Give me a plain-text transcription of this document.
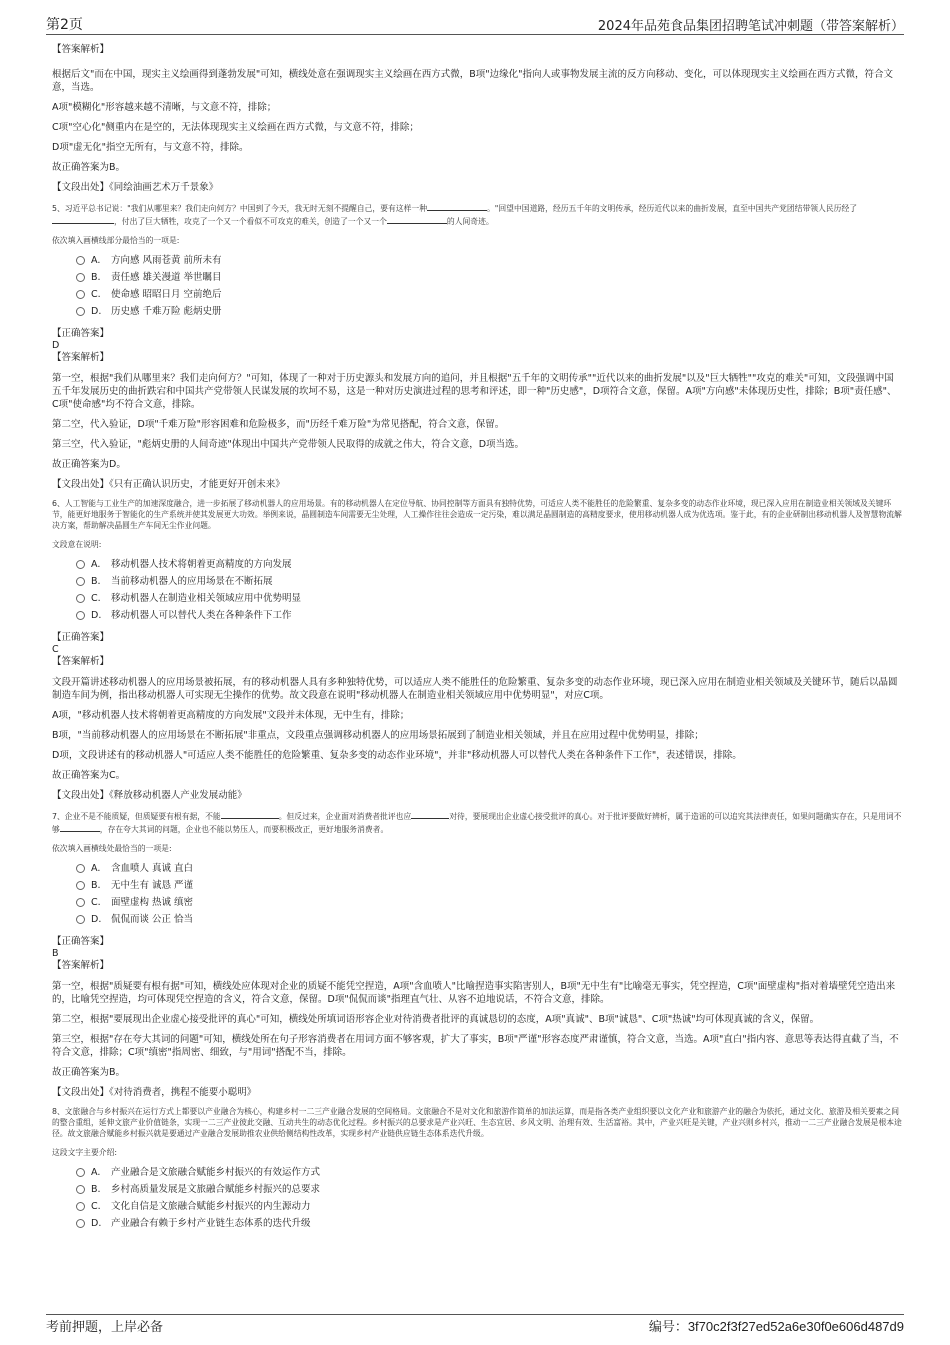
第2页	2024年品苑食品集团招聘笔试冲刺题（带答案解析）

【答案解析】

根据后文"而在中国，现实主义绘画得到蓬勃发展"可知，横线处意在强调现实主义绘画在西方式微，B项"边缘化"指向人或事物发展主流的反方向移动、变化，可以体现现实主义绘画在西方式微，符合文意，当选。

A项"模糊化"形容越来越不清晰，与文意不符，排除；

C项"空心化"侧重内在是空的，无法体现现实主义绘画在西方式微，与文意不符，排除；

D项"虚无化"指空无所有，与文意不符，排除。

故正确答案为B。

【文段出处】《同绘油画艺术万千景象》

5、习近平总书记说："我们从哪里来？我们走向何方？中国到了今天，我无时无刻不提醒自己，要有这样一种	。"回望中国道路，经历五千年的文明传承，经历近代以来的曲折发展，直至中国共产党团结带领人民历经了，付出了巨大牺牲，攻克了一个又一个看似不可攻克的难关，创造了一个又一个	的人间奇迹。

依次填入画横线部分最恰当的一项是:

A.	方向感 风雨苍黄 前所未有
B.	责任感 雄关漫道 举世瞩目
C.	使命感 昭昭日月 空前绝后
D.	历史感 千难万险 彪炳史册

【正确答案】

D

【答案解析】

第一空，根据"我们从哪里来？我们走向何方？"可知，体现了一种对于历史源头和发展方向的追问，并且根据"五千年的文明传承""近代以来的曲折发展"以及"巨大牺牲""攻克的难关"可知，文段强调中国五千年发展历史的曲折跌宕和中国共产党带领人民谋发展的坎坷不易，这是一种对历史演进过程的思考和评述，即一种"历史感"，D项符合文意，保留。A项"方向感"未体现历史性，排除；B项"责任感"、C项"使命感"均不符合文意，排除。

第二空，代入验证，D项"千难万险"形容困难和危险极多，而"历经千难万险"为常见搭配，符合文意，保留。

第三空，代入验证，"彪炳史册的人间奇迹"体现出中国共产党带领人民取得的成就之伟大，符合文意，D项当选。

故正确答案为D。

【文段出处】《只有正确认识历史，才能更好开创未来》

6、人工智能与工业生产的加速深度融合，进一步拓展了移动机器人的应用场景。有的移动机器人在定位导航、协同控制等方面具有独特优势，可适应人类不能胜任的危险繁重、复杂多变的动态作业环境，现已深入应用在制造业相关领域及关键环节，能更好地服务于智能化的生产系统并使其发展更大功效。举例来说，晶圆制造车间需要无尘处理，人工操作往往会造成一定污染，难以满足晶圆制造的高精度要求，使用移动机器人成为优选项。鉴于此，有的企业研制出移动机器人及智慧物流解决方案，帮助解决晶圆生产车间无尘作业问题。

文段意在说明:

A.	移动机器人技术将朝着更高精度的方向发展
B.	当前移动机器人的应用场景在不断拓展
C.	移动机器人在制造业相关领域应用中优势明显
D.	移动机器人可以替代人类在各种条件下工作

【正确答案】

C

【答案解析】

文段开篇讲述移动机器人的应用场景被拓展，有的移动机器人具有多种独特优势，可以适应人类不能胜任的危险繁重、复杂多变的动态作业环境，现已深入应用在制造业相关领域及关键环节，随后以晶圆制造车间为例，指出移动机器人可实现无尘操作的优势。故文段意在说明"移动机器人在制造业相关领域应用中优势明显"，对应C项。

A项，"移动机器人技术将朝着更高精度的方向发展"文段并未体现，无中生有，排除；

B项，"当前移动机器人的应用场景在不断拓展"非重点，文段重点强调移动机器人的应用场景拓展到了制造业相关领域，并且在应用过程中优势明显，排除；

D项，文段讲述有的移动机器人"可适应人类不能胜任的危险繁重、复杂多变的动态作业环境"，并非"移动机器人可以替代人类在各种条件下工作"，表述错误，排除。

故正确答案为C。

【文段出处】《释放移动机器人产业发展动能》

7、企业不是不能质疑，但质疑要有根有据，不能	。但反过来，企业面对消费者批评也应	对待，要展现出企业虚心接受批评的真心。对于批评要做好辨析，属于造谣的可以追究其法律责任，如果问题确实存在，只是用词不够	，存在夸大其词的问题，企业也不能以势压人，而要积极改正，更好地服务消费者。

依次填入画横线处最恰当的一项是:

A.	含血喷人 真诚 直白
B.	无中生有 诚恳 严谨
C.	面壁虚构 热诚 缜密
D.	侃侃而谈 公正 恰当

【正确答案】

B

【答案解析】

第一空，根据"质疑要有根有据"可知，横线处应体现对企业的质疑不能凭空捏造，A项"含血喷人"比喻捏造事实陷害别人，B项"无中生有"比喻毫无事实，凭空捏造，C项"面壁虚构"指对着墙壁凭空造出来的，比喻凭空捏造，均可体现凭空捏造的含义，符合文意，保留。D项"侃侃而谈"指理直气壮、从容不迫地说话，不符合文意，排除。

第二空，根据"要展现出企业虚心接受批评的真心"可知，横线处所填词语形容企业对待消费者批评的真诚恳切的态度，A项"真诚"、B项"诚恳"、C项"热诚"均可体现真诚的含义，保留。

第三空，根据"存在夸大其词的问题"可知，横线处所在句子形容消费者在用词方面不够客观，扩大了事实，B项"严谨"形容态度严肃谨慎，符合文意，当选。A项"直白"指内容、意思等表达得直截了当，不符合文意，排除；C项"缜密"指周密、细致，与"用词"搭配不当，排除。

故正确答案为B。

【文段出处】《对待消费者，携程不能要小聪明》

8、文旅融合与乡村振兴在运行方式上都要以产业融合为核心，构建乡村一二三产业融合发展的空间格局。文旅融合不是对文化和旅游作简单的加法运算，而是指各类产业组织要以文化产业和旅游产业的融合为依托，通过文化、旅游及相关要素之间的整合重组，延伸文旅产业价值链条，实现一二三产业彼此交融、互动共生的动态优化过程。乡村振兴的总要求是产业兴旺、生态宜居、乡风文明、治理有效、生活富裕。其中，产业兴旺是关键，产业兴则乡村兴，推动一二三产业融合发展是根本途径。故文旅融合赋能乡村振兴就是要通过产业融合发展助推农业供给侧结构性改革，实现乡村产业链供应链生态体系迭代升级。

这段文字主要介绍:

A.	产业融合是文旅融合赋能乡村振兴的有效运作方式
B.	乡村高质量发展是文旅融合赋能乡村振兴的总要求
C.	文化自信是文旅融合赋能乡村振兴的内生源动力
D.	产业融合有赖于乡村产业链生态体系的迭代升级
考前押题，上岸必备	编号：3f70c2f3f27ed52a6e30f0e606d487d9
